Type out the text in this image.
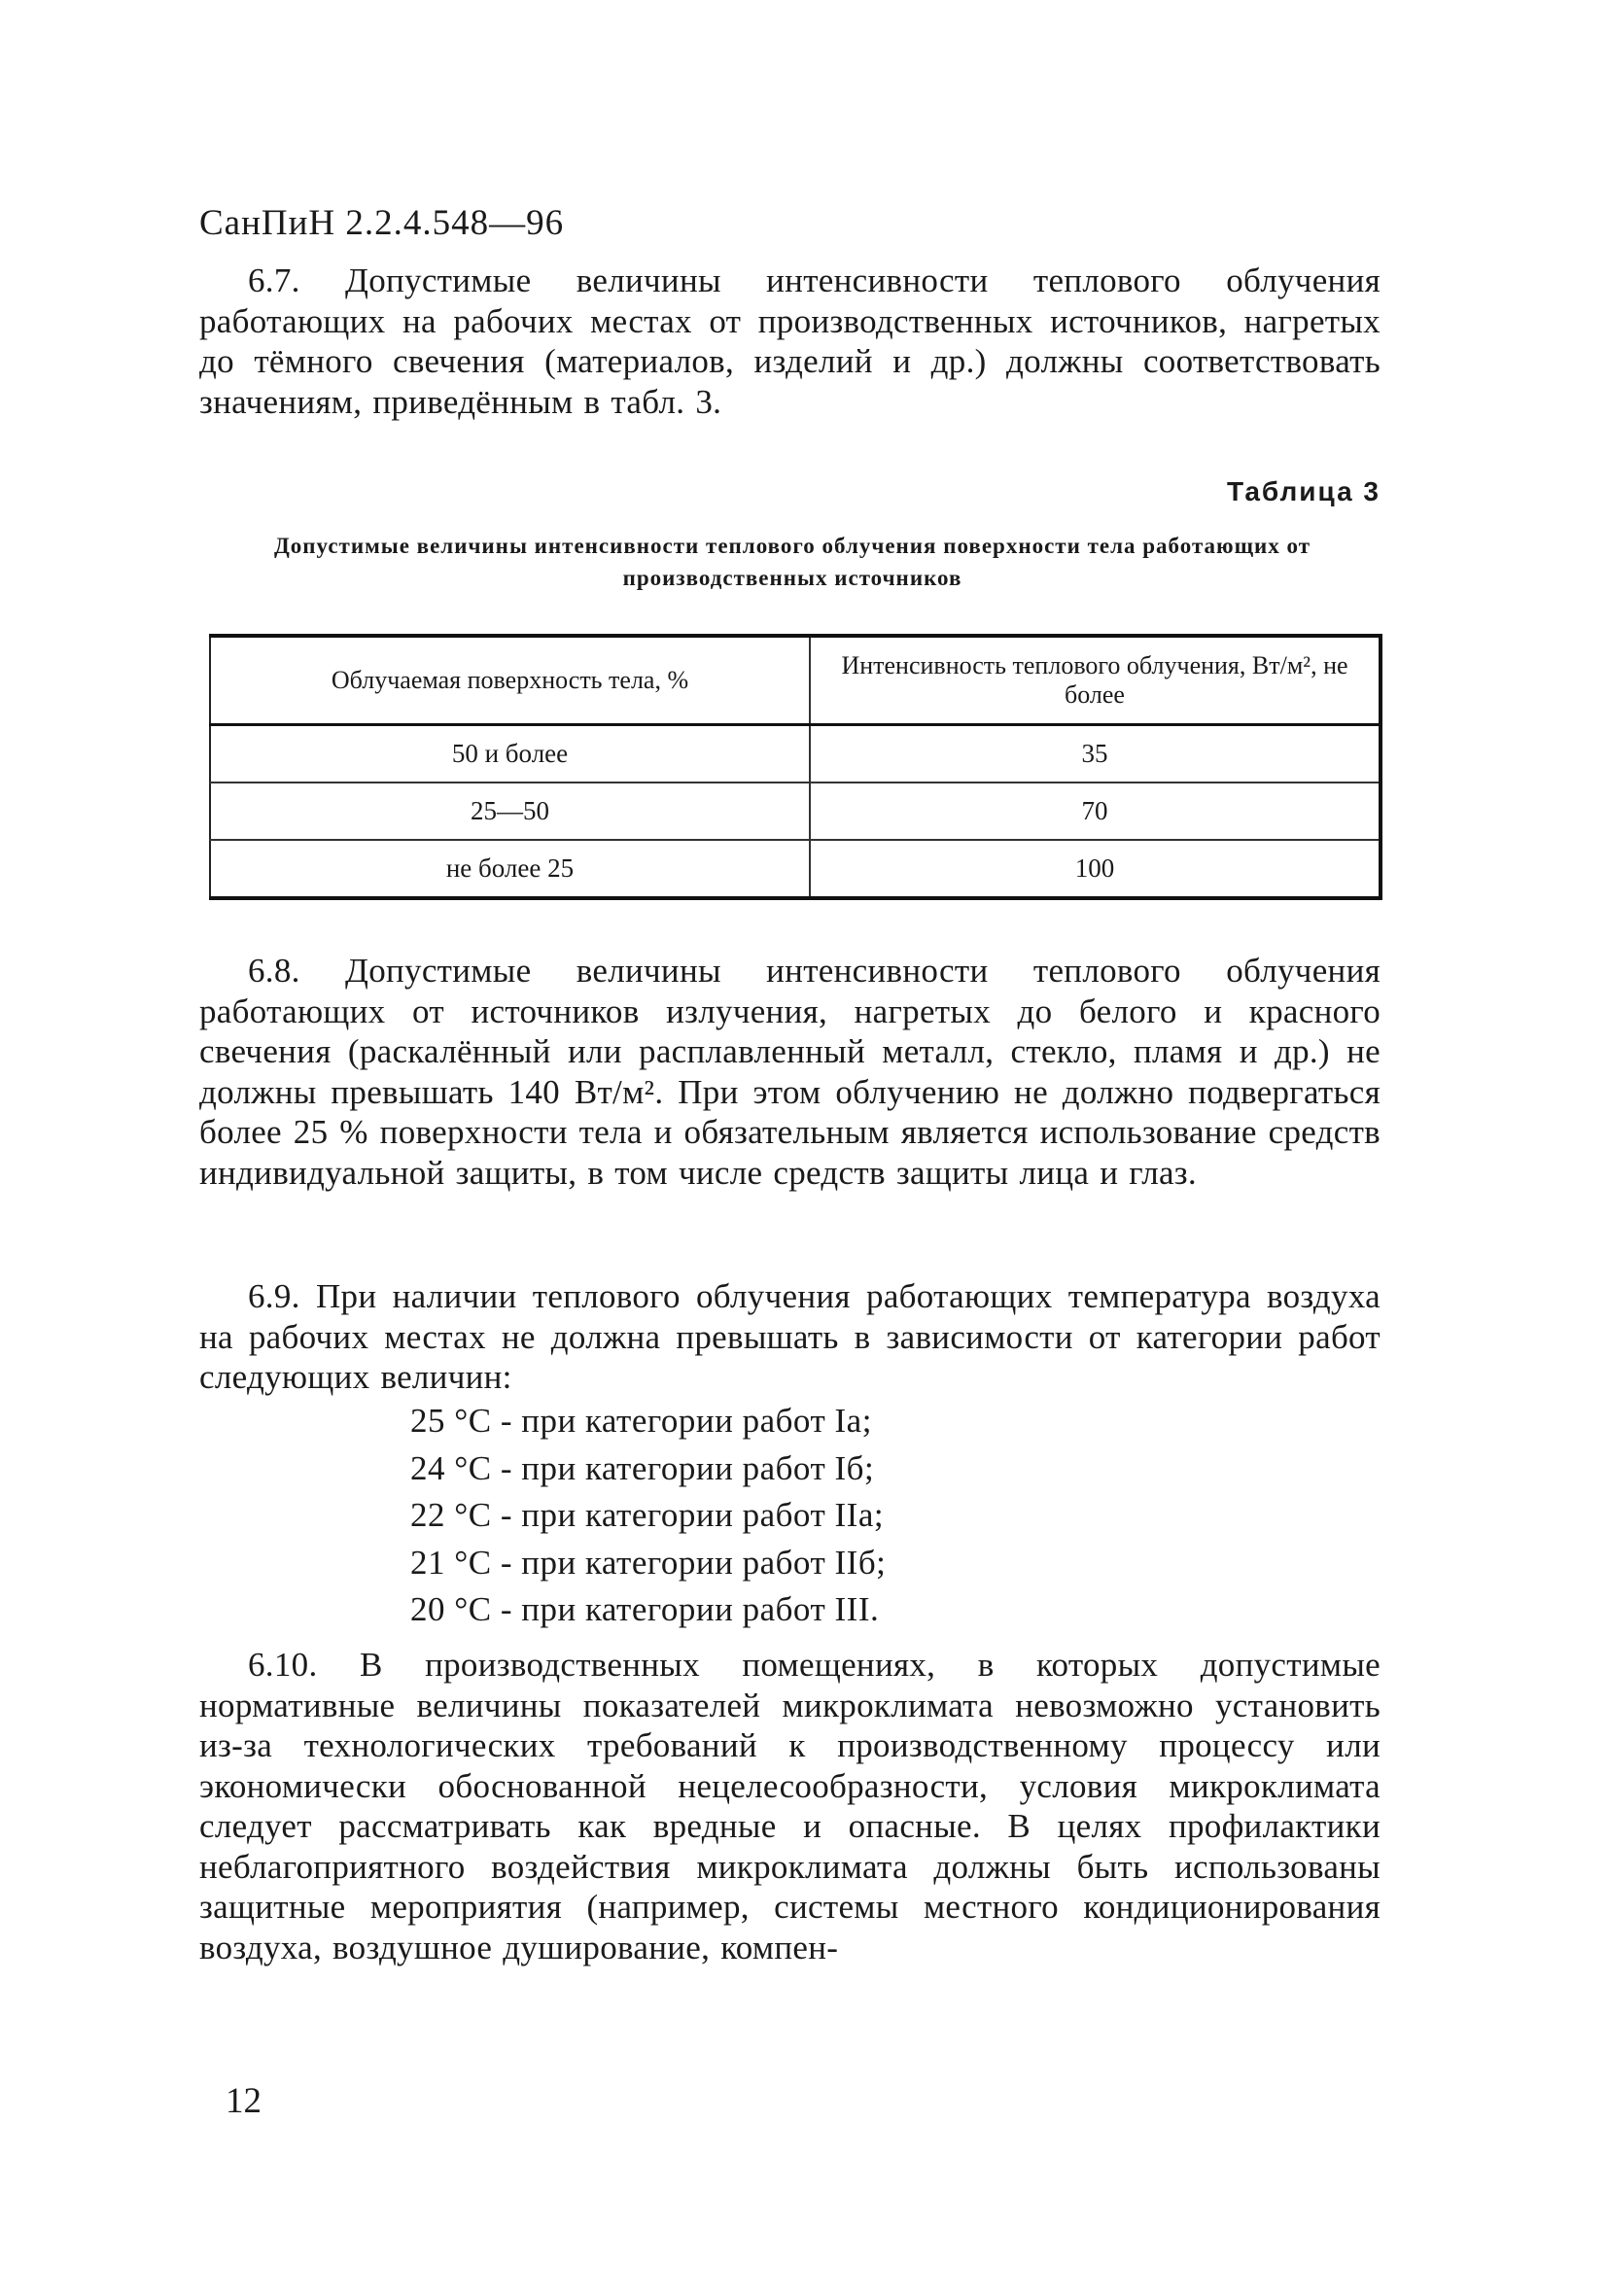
СанПиН 2.2.4.548—96
6.7. Допустимые величины интенсивности теплового облучения работающих на рабочих местах от производственных источников, нагретых до тёмного свечения (материалов, изделий и др.) должны соответствовать значениям, приведённым в табл. 3.
Таблица 3
Допустимые величины интенсивности теплового облучения поверхности тела работающих от производственных источников
Облучаемая поверхность тела, %	Интенсивность теплового облучения, Вт/м², не более
50 и более	35
25—50	70
не более 25	100
6.8. Допустимые величины интенсивности теплового облучения работающих от источников излучения, нагретых до белого и красного свечения (раскалённый или расплавленный металл, стекло, пламя и др.) не должны превышать 140 Вт/м². При этом облучению не должно подвергаться более 25 % поверхности тела и обязательным является использование средств индивидуальной защиты, в том числе средств защиты лица и глаз.
6.9. При наличии теплового облучения работающих температура воздуха на рабочих местах не должна превышать в зависимости от категории работ следующих величин:
25 °С - при категории работ Iа;
24 °С - при категории работ Iб;
22 °С - при категории работ IIа;
21 °С - при категории работ IIб;
20 °С - при категории работ III.
6.10. В производственных помещениях, в которых допустимые нормативные величины показателей микроклимата невозможно установить из-за технологических требований к производственному процессу или экономически обоснованной нецелесообразности, условия микроклимата следует рассматривать как вредные и опасные. В целях профилактики неблагоприятного воздействия микроклимата должны быть использованы защитные мероприятия (например, системы местного кондиционирования воздуха, воздушное душирование, компен-
12
